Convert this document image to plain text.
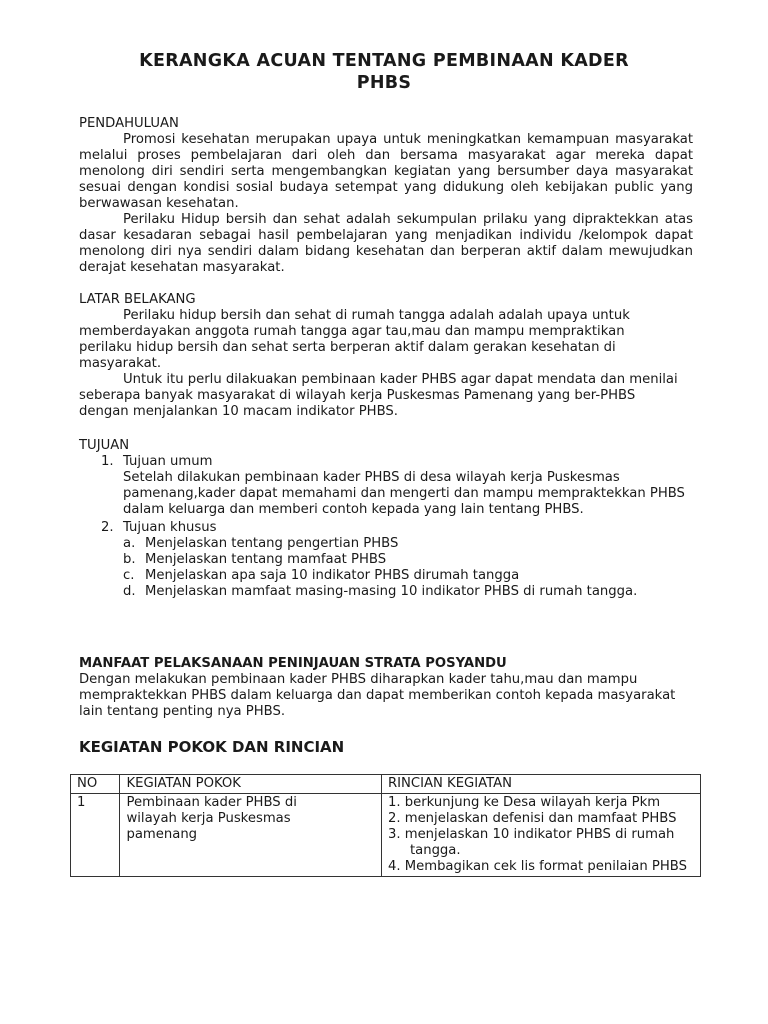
KERANGKA ACUAN TENTANG PEMBINAAN KADER
PHBS
PENDAHULUAN

Promosi kesehatan merupakan upaya untuk meningkatkan kemampuan masyarakat melalui proses pembelajaran dari oleh dan bersama masyarakat agar mereka dapat menolong diri sendiri serta mengembangkan kegiatan yang bersumber daya masyarakat sesuai dengan kondisi sosial budaya setempat yang didukung oleh kebijakan public yang berwawasan kesehatan.

Perilaku Hidup bersih dan sehat adalah sekumpulan prilaku yang dipraktekkan atas dasar kesadaran sebagai hasil pembelajaran yang menjadikan individu /kelompok dapat menolong diri nya sendiri dalam bidang kesehatan dan berperan aktif dalam mewujudkan derajat kesehatan masyarakat.

LATAR BELAKANG

Perilaku hidup bersih dan sehat di rumah tangga adalah adalah upaya untuk memberdayakan anggota rumah tangga agar tau,mau dan mampu mempraktikan perilaku hidup bersih dan sehat serta berperan aktif dalam gerakan kesehatan di masyarakat.

Untuk itu perlu dilakuakan pembinaan kader PHBS agar dapat mendata dan menilai seberapa banyak masyarakat di wilayah kerja Puskesmas Pamenang yang ber-PHBS dengan menjalankan 10 macam indikator PHBS.

TUJUAN
1. Tujuan umum
Setelah dilakukan pembinaan kader PHBS di desa wilayah kerja Puskesmas pamenang,kader dapat memahami dan mengerti dan mampu mempraktekkan PHBS dalam keluarga dan memberi contoh kepada yang lain tentang PHBS.
2. Tujuan khusus
a. Menjelaskan tentang pengertian PHBS
b. Menjelaskan tentang mamfaat PHBS
c. Menjelaskan apa saja 10 indikator PHBS dirumah tangga
d. Menjelaskan mamfaat masing-masing 10 indikator PHBS di rumah tangga.
MANFAAT PELAKSANAAN PENINJAUAN STRATA POSYANDU

Dengan melakukan pembinaan kader PHBS diharapkan kader tahu,mau dan mampu mempraktekkan PHBS dalam keluarga dan dapat memberikan contoh kepada masyarakat lain tentang penting nya PHBS.

KEGIATAN POKOK DAN RINCIAN
NO	KEGIATAN POKOK	RINCIAN KEGIATAN
1	Pembinaan kader PHBS di wilayah kerja Puskesmas pamenang	1. berkunjung ke Desa wilayah kerja Pkm
2. menjelaskan defenisi dan mamfaat PHBS
3. menjelaskan 10 indikator PHBS di rumah
tangga.
4. Membagikan cek lis format penilaian PHBS
